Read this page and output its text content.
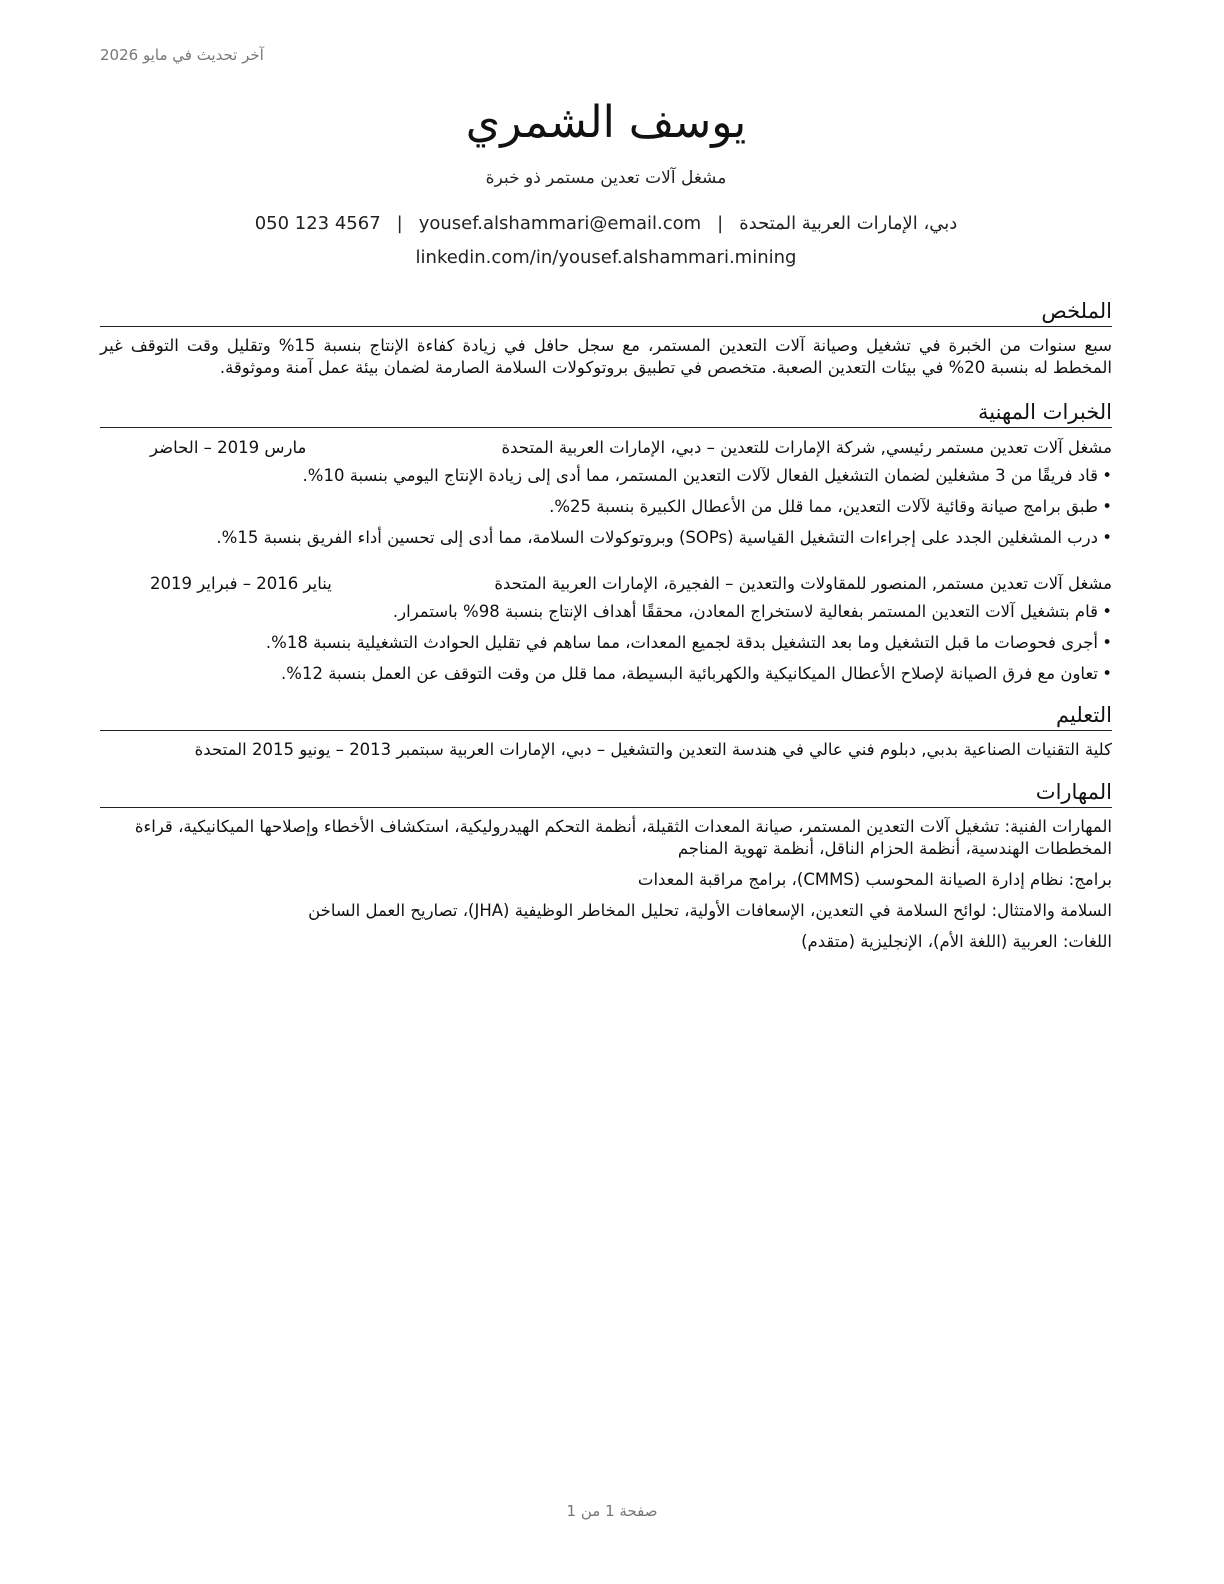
آخر تحديث في مايو 2026
يوسف الشمري
مشغل آلات تعدين مستمر ذو خبرة
دبي، الإمارات العربية المتحدة|yousef.alshammari@email.com|050 123 4567
linkedin.com/in/yousef.alshammari.mining
الملخص
سبع سنوات من الخبرة في تشغيل وصيانة آلات التعدين المستمر، مع سجل حافل في زيادة كفاءة الإنتاج بنسبة 15% وتقليل وقت التوقف غير المخطط له بنسبة 20% في بيئات التعدين الصعبة. متخصص في تطبيق بروتوكولات السلامة الصارمة لضمان بيئة عمل آمنة وموثوقة.
الخبرات المهنية
مشغل آلات تعدين مستمر رئيسي, شركة الإمارات للتعدين – دبي، الإمارات العربية المتحدة
مارس 2019 – الحاضر
•
قاد فريقًا من 3 مشغلين لضمان التشغيل الفعال لآلات التعدين المستمر، مما أدى إلى زيادة الإنتاج اليومي بنسبة 10%.
•
طبق برامج صيانة وقائية لآلات التعدين، مما قلل من الأعطال الكبيرة بنسبة 25%.
•
درب المشغلين الجدد على إجراءات التشغيل القياسية (SOPs) وبروتوكولات السلامة، مما أدى إلى تحسين أداء الفريق بنسبة 15%.
مشغل آلات تعدين مستمر, المنصور للمقاولات والتعدين – الفجيرة، الإمارات العربية المتحدة
يناير 2016 – فبراير 2019
•
قام بتشغيل آلات التعدين المستمر بفعالية لاستخراج المعادن، محققًا أهداف الإنتاج بنسبة 98% باستمرار.
•
أجرى فحوصات ما قبل التشغيل وما بعد التشغيل بدقة لجميع المعدات، مما ساهم في تقليل الحوادث التشغيلية بنسبة 18%.
•
تعاون مع فرق الصيانة لإصلاح الأعطال الميكانيكية والكهربائية البسيطة، مما قلل من وقت التوقف عن العمل بنسبة 12%.
التعليم
كلية التقنيات الصناعية بدبي, دبلوم فني عالي في هندسة التعدين والتشغيل – دبي، الإمارات العربية سبتمبر 2013 – يونيو 2015 المتحدة
المهارات
المهارات الفنية: تشغيل آلات التعدين المستمر، صيانة المعدات الثقيلة، أنظمة التحكم الهيدروليكية، استكشاف الأخطاء وإصلاحها الميكانيكية، قراءة المخططات الهندسية، أنظمة الحزام الناقل، أنظمة تهوية المناجم
برامج: نظام إدارة الصيانة المحوسب (CMMS)، برامج مراقبة المعدات
السلامة والامتثال: لوائح السلامة في التعدين، الإسعافات الأولية، تحليل المخاطر الوظيفية (JHA)، تصاريح العمل الساخن
اللغات: العربية (اللغة الأم)، الإنجليزية (متقدم)
صفحة 1 من 1
